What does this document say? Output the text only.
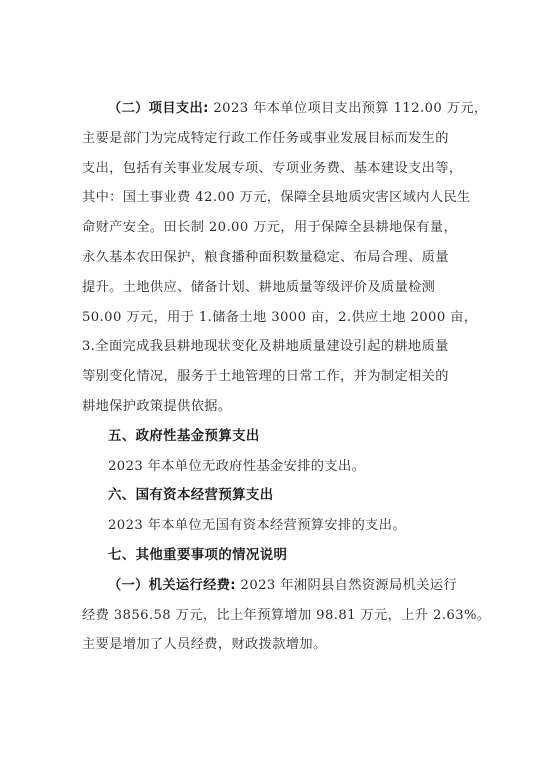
（二）项目支出: 2023 年本单位项目支出预算 112.00 万元，
主要是部门为完成特定行政工作任务或事业发展目标而发生的
支出，包括有关事业发展专项、专项业务费、基本建设支出等，
其中：国土事业费 42.00 万元，保障全县地质灾害区域内人民生
命财产安全。田长制 20.00 万元，用于保障全县耕地保有量，
永久基本农田保护，粮食播种面积数量稳定、布局合理、质量
提升。土地供应、储备计划、耕地质量等级评价及质量检测
50.00 万元，用于 1.储备土地 3000 亩，2.供应土地 2000 亩，
3.全面完成我县耕地现状变化及耕地质量建设引起的耕地质量
等别变化情况，服务于土地管理的日常工作，并为制定相关的
耕地保护政策提供依据。
五、政府性基金预算支出
2023 年本单位无政府性基金安排的支出。
六、国有资本经营预算支出
2023 年本单位无国有资本经营预算安排的支出。
七、其他重要事项的情况说明
（一）机关运行经费: 2023 年湘阴县自然资源局机关运行
经费 3856.58 万元，比上年预算增加 98.81 万元，上升 2.63%。
主要是增加了人员经费，财政拨款增加。
